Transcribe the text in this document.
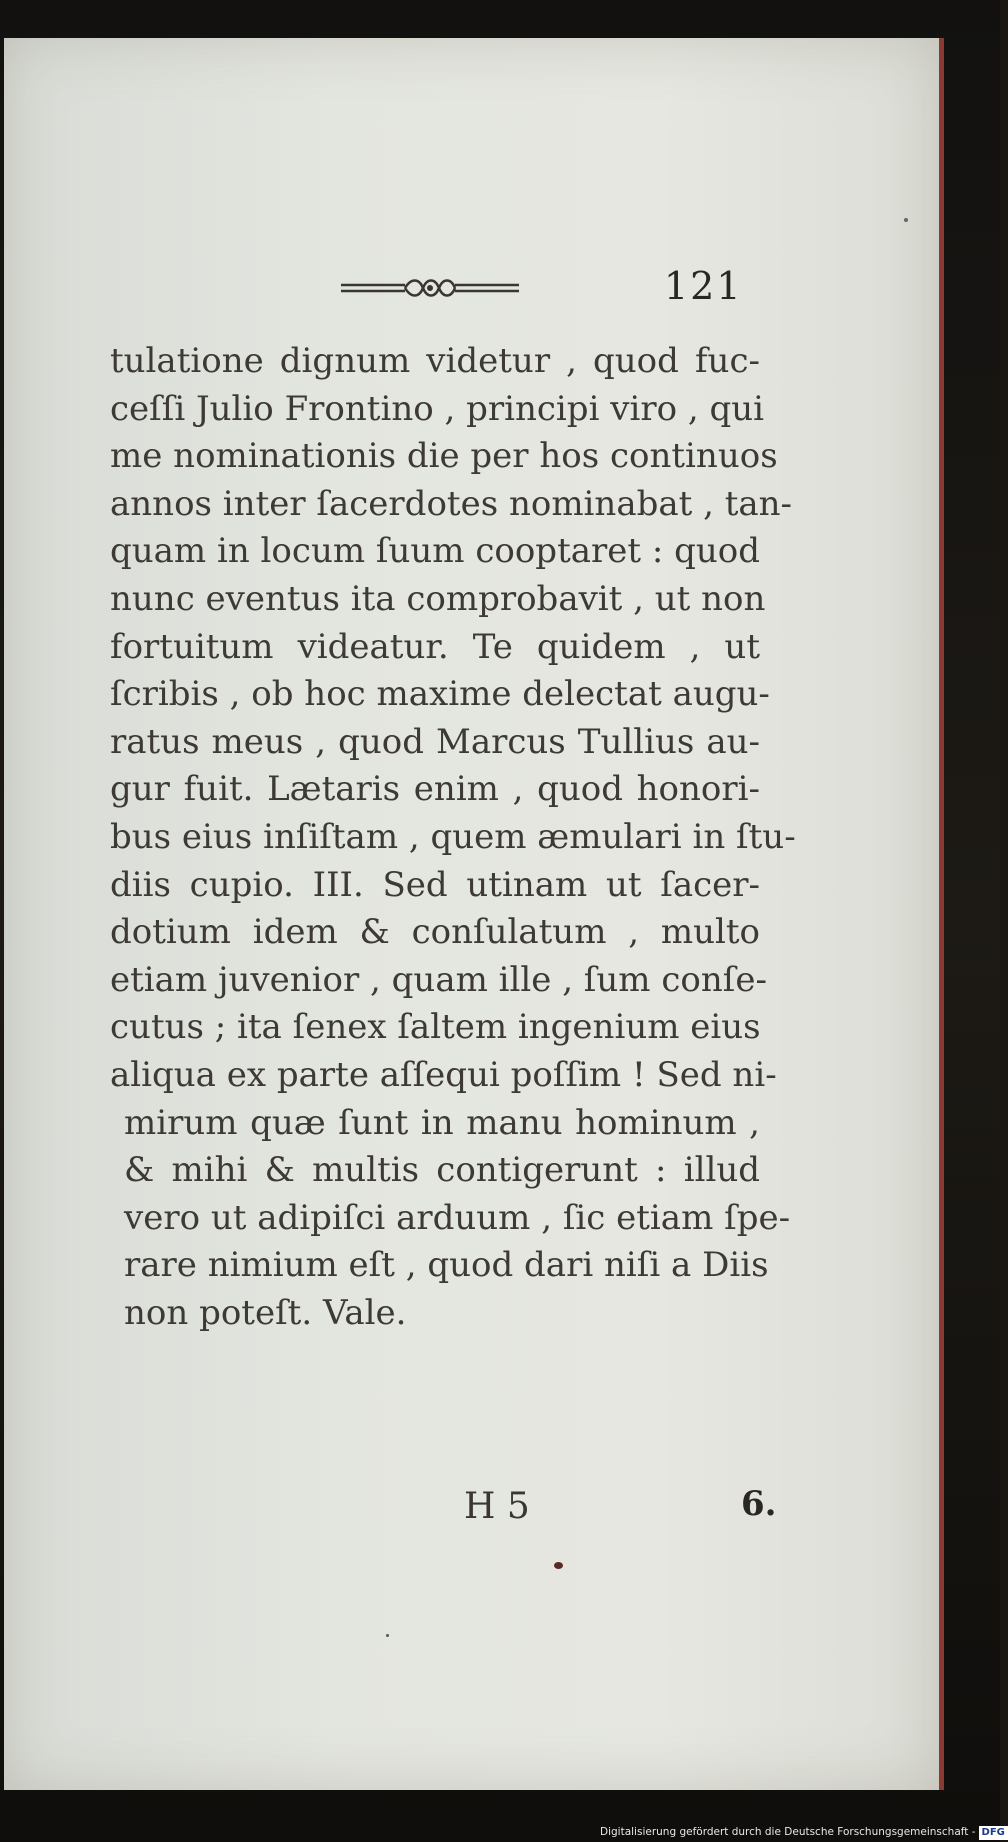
121
tulatione dignum videtur , quod fuc-
ceſſi Julio Frontino , principi viro , qui
me nominationis die per hos continuos
annos inter ſacerdotes nominabat , tan-
quam in locum ſuum cooptaret : quod
nunc eventus ita comprobavit , ut non
fortuitum videatur. Te quidem , ut
ſcribis , ob hoc maxime delectat augu-
ratus meus , quod Marcus Tullius au-
gur fuit. Lætaris enim , quod honori-
bus eius inſiſtam , quem æmulari in ſtu-
diis cupio. III. Sed utinam ut ſacer-
dotium idem & conſulatum , multo
etiam juvenior , quam ille , ſum conſe-
cutus ; ita ſenex ſaltem ingenium eius
aliqua ex parte aſſequi poſſim ! Sed ni-
mirum quæ ſunt in manu hominum ,
& mihi & multis contigerunt : illud
vero ut adipiſci arduum , ſic etiam ſpe-
rare nimium eſt , quod dari niſi a Diis
non poteſt. Vale.
H 5	6.
Digitalisierung gefördert durch die Deutsche Forschungsgemeinschaft - DFG
